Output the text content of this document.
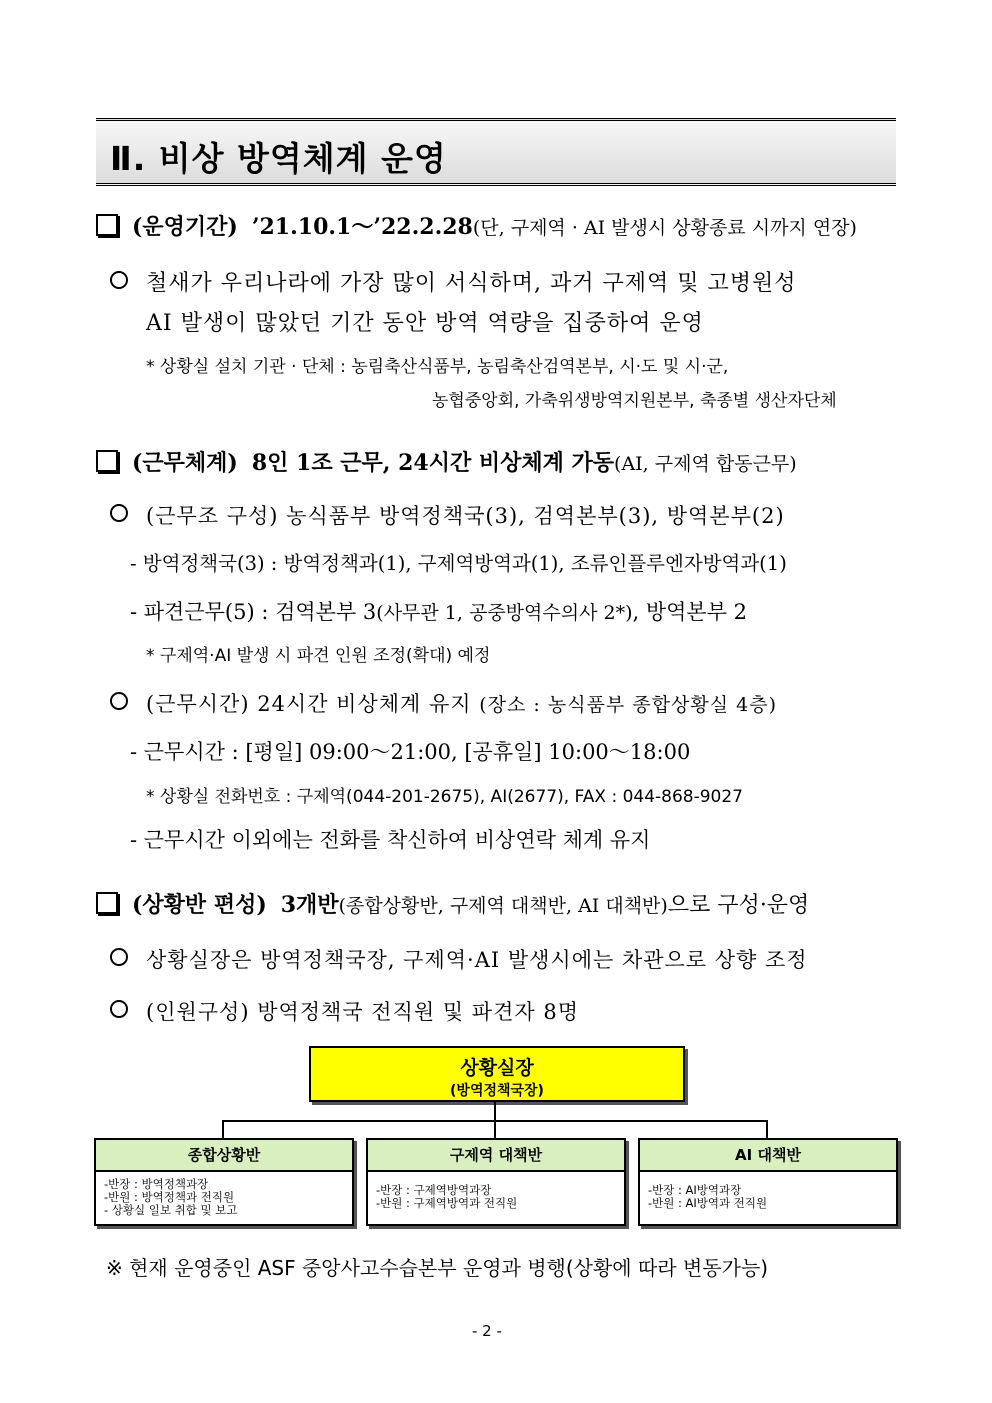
Ⅱ. 비상 방역체계 운영
(운영기간) ’21.10.1～’22.2.28(단, 구제역 · AI 발생시 상황종료 시까지 연장)
철새가 우리나라에 가장 많이 서식하며, 과거 구제역 및 고병원성
AI 발생이 많았던 기간 동안 방역 역량을 집중하여 운영
* 상황실 설치 기관 · 단체 : 농림축산식품부, 농림축산검역본부, 시·도 및 시·군,
농협중앙회, 가축위생방역지원본부, 축종별 생산자단체
(근무체계) 8인 1조 근무, 24시간 비상체계 가동(AI, 구제역 합동근무)
(근무조 구성) 농식품부 방역정책국(3), 검역본부(3), 방역본부(2)
- 방역정책국(3) : 방역정책과(1), 구제역방역과(1), 조류인플루엔자방역과(1)
- 파견근무(5) : 검역본부 3(사무관 1, 공중방역수의사 2*), 방역본부 2
* 구제역·AI 발생 시 파견 인원 조정(확대) 예정
(근무시간) 24시간 비상체계 유지 (장소 : 농식품부 종합상황실 4층)
- 근무시간 : [평일] 09:00～21:00, [공휴일] 10:00～18:00
* 상황실 전화번호 : 구제역(044-201-2675), AI(2677), FAX : 044-868-9027
- 근무시간 이외에는 전화를 착신하여 비상연락 체계 유지
(상황반 편성) 3개반(종합상황반, 구제역 대책반, AI 대책반)으로 구성·운영
상황실장은 방역정책국장, 구제역·AI 발생시에는 차관으로 상향 조정
(인원구성) 방역정책국 전직원 및 파견자 8명
상황실장
(방역정책국장)
종합상황반
-반장 : 방역정책과장
-반원 : 방역정책과 전직원
- 상황실 일보 취합 및 보고
구제역 대책반
-반장 : 구제역방역과장
-반원 : 구제역방역과 전직원
AI 대책반
-반장 : AI방역과장
-반원 : AI방역과 전직원
※ 현재 운영중인 ASF 중앙사고수습본부 운영과 병행(상황에 따라 변동가능)
- 2 -
